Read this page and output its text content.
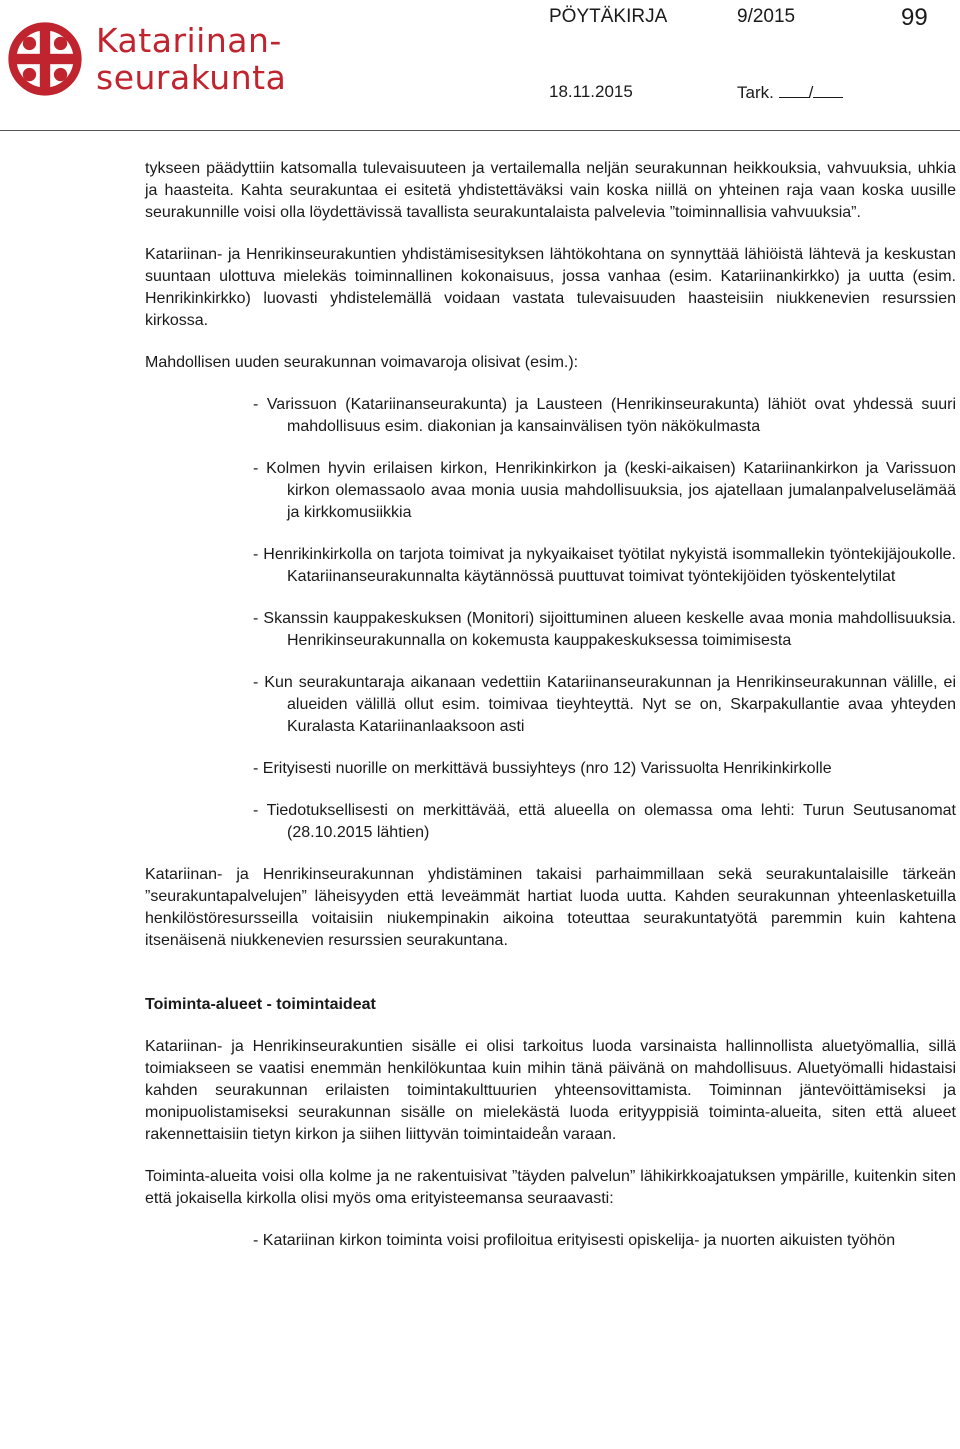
Katariinan-
seurakunta
PÖYTÄKIRJA	9/2015	99
18.11.2015	Tark. /

tykseen päädyttiin katsomalla tulevaisuuteen ja vertailemalla neljän seurakunnan heikkouksia, vahvuuksia, uhkia ja haasteita. Kahta seurakuntaa ei esitetä yhdistettäväksi vain koska niillä on yhteinen raja vaan koska uusille seurakunnille voisi olla löydettävissä tavallista seurakuntalaista palvelevia ”toiminnallisia vahvuuksia”.

Katariinan- ja Henrikinseurakuntien yhdistämisesityksen lähtökohtana on synnyttää lähiöistä lähtevä ja keskustan suuntaan ulottuva mielekäs toiminnallinen kokonaisuus, jossa vanhaa (esim. Katariinankirkko) ja uutta (esim. Henrikinkirkko) luovasti yhdistelemällä voidaan vastata tulevaisuuden haasteisiin niukkenevien resurssien kirkossa.

Mahdollisen uuden seurakunnan voimavaroja olisivat (esim.):

- Varissuon (Katariinanseurakunta) ja Lausteen (Henrikinseurakunta) lähiöt ovat yhdessä suuri mahdollisuus esim. diakonian ja kansainvälisen työn näkökulmasta
- Kolmen hyvin erilaisen kirkon, Henrikinkirkon ja (keski-aikaisen) Katariinankirkon ja Varissuon kirkon olemassaolo avaa monia uusia mahdollisuuksia, jos ajatellaan jumalanpalveluselämää ja kirkkomusiikkia
- Henrikinkirkolla on tarjota toimivat ja nykyaikaiset työtilat nykyistä isommallekin työntekijäjoukolle. Katariinanseurakunnalta käytännössä puuttuvat toimivat työntekijöiden työskentelytilat
- Skanssin kauppakeskuksen (Monitori) sijoittuminen alueen keskelle avaa monia mahdollisuuksia. Henrikinseurakunnalla on kokemusta kauppakeskuksessa toimimisesta
- Kun seurakuntaraja aikanaan vedettiin Katariinanseurakunnan ja Henrikinseurakunnan välille, ei alueiden välillä ollut esim. toimivaa tieyhteyttä. Nyt se on, Skarpakullantie avaa yhteyden Kuralasta Katariinanlaaksoon asti
- Erityisesti nuorille on merkittävä bussiyhteys (nro 12) Varissuolta Henrikinkirkolle
- Tiedotuksellisesti on merkittävää, että alueella on olemassa oma lehti: Turun Seutusanomat (28.10.2015 lähtien)

Katariinan- ja Henrikinseurakunnan yhdistäminen takaisi parhaimmillaan sekä seurakuntalaisille tärkeän ”seurakuntapalvelujen” läheisyyden että leveämmät hartiat luoda uutta. Kahden seurakunnan yhteenlasketuilla henkilöstöresursseilla voitaisiin niukempinakin aikoina toteuttaa seurakuntatyötä paremmin kuin kahtena itsenäisenä niukkenevien resurssien seurakuntana.

Toiminta-alueet - toimintaideat

Katariinan- ja Henrikinseurakuntien sisälle ei olisi tarkoitus luoda varsinaista hallinnollista aluetyömallia, sillä toimiakseen se vaatisi enemmän henkilökuntaa kuin mihin tänä päivänä on mahdollisuus. Aluetyömalli hidastaisi kahden seurakunnan erilaisten toimintakulttuurien yhteensovittamista. Toiminnan jäntevöittämiseksi ja monipuolistamiseksi seurakunnan sisälle on mielekästä luoda erityyppisiä toiminta-alueita, siten että alueet rakennettaisiin tietyn kirkon ja siihen liittyvän toimintaideån varaan.

Toiminta-alueita voisi olla kolme ja ne rakentuisivat ”täyden palvelun” lähikirkkoajatuksen ympärille, kuitenkin siten että jokaisella kirkolla olisi myös oma erityisteemansa seuraavasti:

- Katariinan kirkon toiminta voisi profiloitua erityisesti opiskelija- ja nuorten aikuisten työhön
